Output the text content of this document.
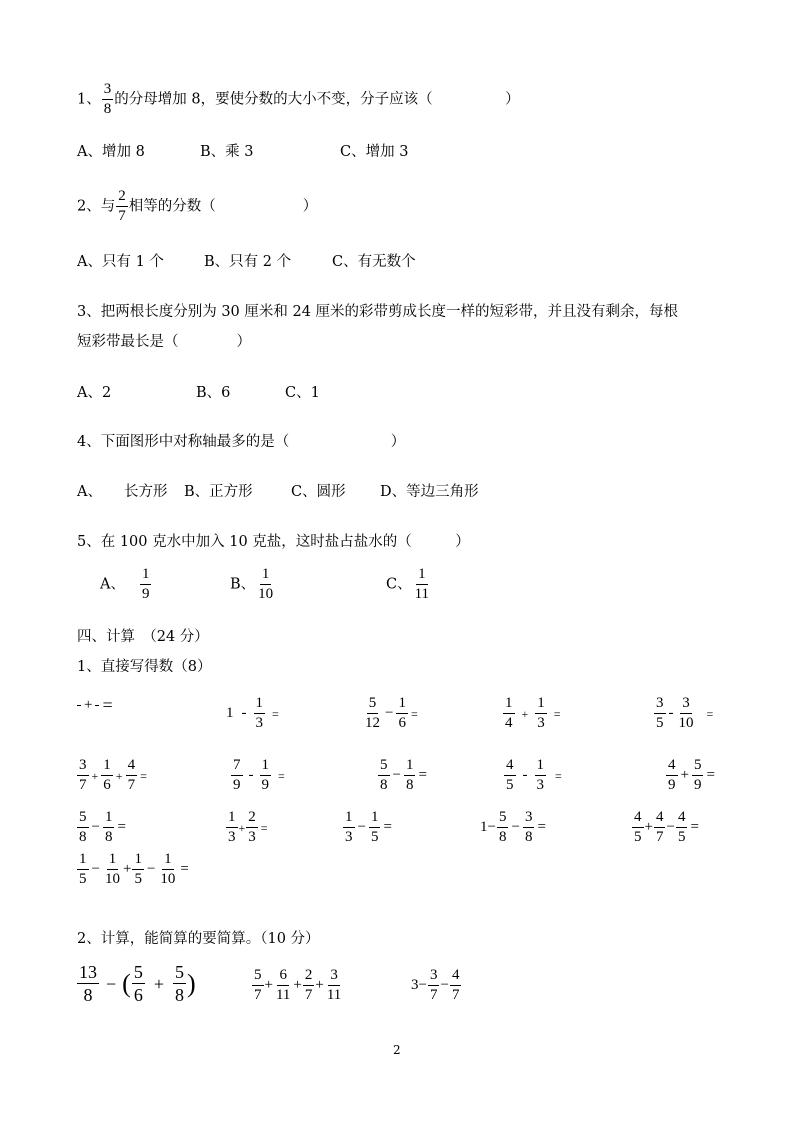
1、 $\frac{3}{8}$ 的分母增加 8，要使分数的大小不变，分子应该（　　　　　）
A、增加 8	B、乘 3	C、增加 3
2、与 $\frac{2}{7}$ 相等的分数（　　　　　　）
A、只有 1 个	B、只有 2 个	C、有无数个
3、把两根长度分别为 30 厘米和 24 厘米的彩带剪成长度一样的短彩带，并且没有剩余，每根
短彩带最长是（　　　　）
A、2	B、6	C、1
4、下面图形中对称轴最多的是（　　　　　　　）
A、 长方形 B、正方形	C、圆形 D、等边三角形
5、在 100 克水中加入 10 克盐，这时盐占盐水的（　　　）
A、 $\frac{1}{9}$	B、 $\frac{1}{10}$	C、 $\frac{1}{11}$
四、计算　（24 分）
1、直接写得数（8）
+ =	$1 - \frac{1}{3}$ =	$\frac{5}{12} - \frac{1}{6}$ =	$\frac{1}{4} + \frac{1}{3}$ =	$\frac{3}{5} - \frac{3}{10}$ =
$\frac{3}{7} + \frac{1}{6} + \frac{4}{7}$ =	$\frac{7}{9} - \frac{1}{9}$ =	$\frac{5}{8} - \frac{1}{8}$ =	$\frac{4}{5} - \frac{1}{3}$ =	$\frac{4}{9} + \frac{5}{9}$ =
$\frac{5}{8} - \frac{1}{8}$ =	$\frac{1}{3} + \frac{2}{3}$ =	$\frac{1}{3} - \frac{1}{5}$ =	$1 - \frac{5}{8} - \frac{3}{8}$ =	$\frac{4}{5} + \frac{4}{7} - \frac{4}{5}$ =
$\frac{1}{5} - \frac{1}{10} + \frac{1}{5} - \frac{1}{10}$ =
2、计算，能简算的要简算。（10 分）
$\frac{13}{8}$ − ( $\frac{5}{6} + \frac{5}{8}$ )	$\frac{5}{7} + \frac{6}{11} + \frac{2}{7} + \frac{3}{11}$	$3 - \frac{3}{7} - \frac{4}{7}$
2
